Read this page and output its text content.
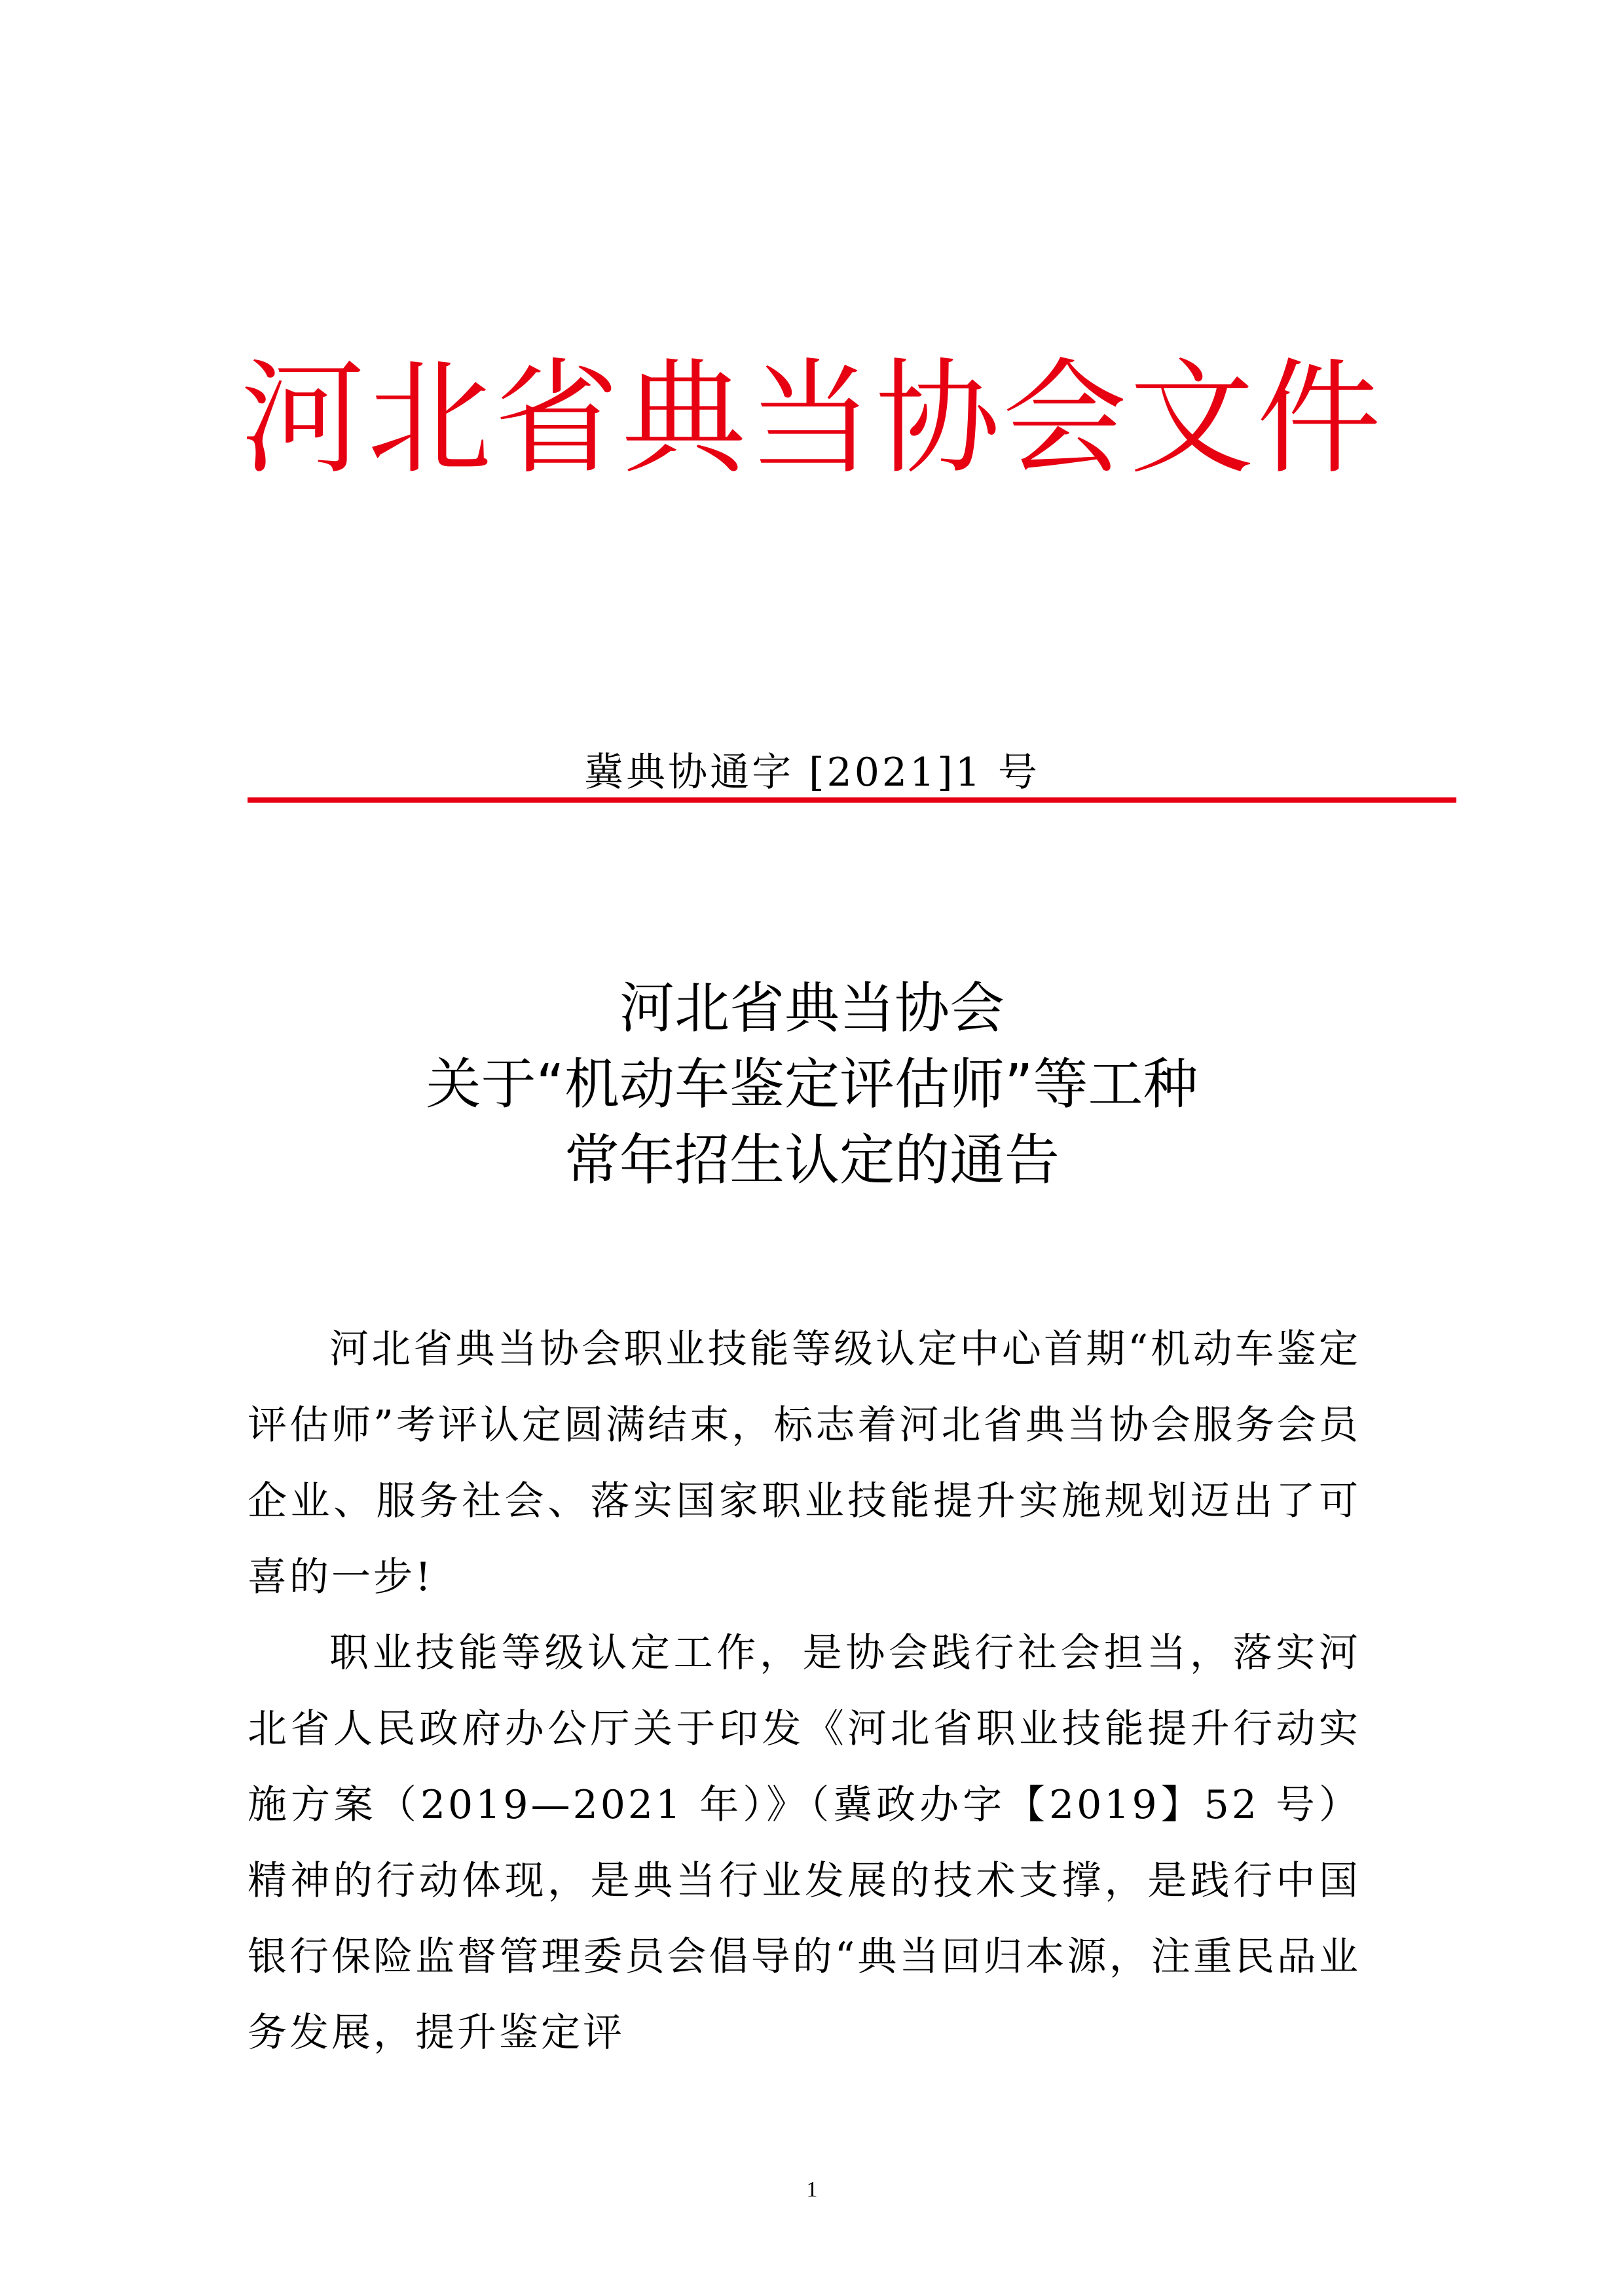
河北省典当协会文件
冀典协通字 [2021]1 号
河北省典当协会
关于“机动车鉴定评估师”等工种
常年招生认定的通告

河北省典当协会职业技能等级认定中心首期“机动车鉴定评估师”考评认定圆满结束，标志着河北省典当协会服务会员企业、服务社会、落实国家职业技能提升实施规划迈出了可喜的一步!

职业技能等级认定工作，是协会践行社会担当，落实河北省人民政府办公厅关于印发《河北省职业技能提升行动实施方案（2019—2021 年）》（冀政办字【2019】52 号）精神的行动体现，是典当行业发展的技术支撑，是践行中国银行保险监督管理委员会倡导的“典当回归本源，注重民品业务发展，提升鉴定评

1
